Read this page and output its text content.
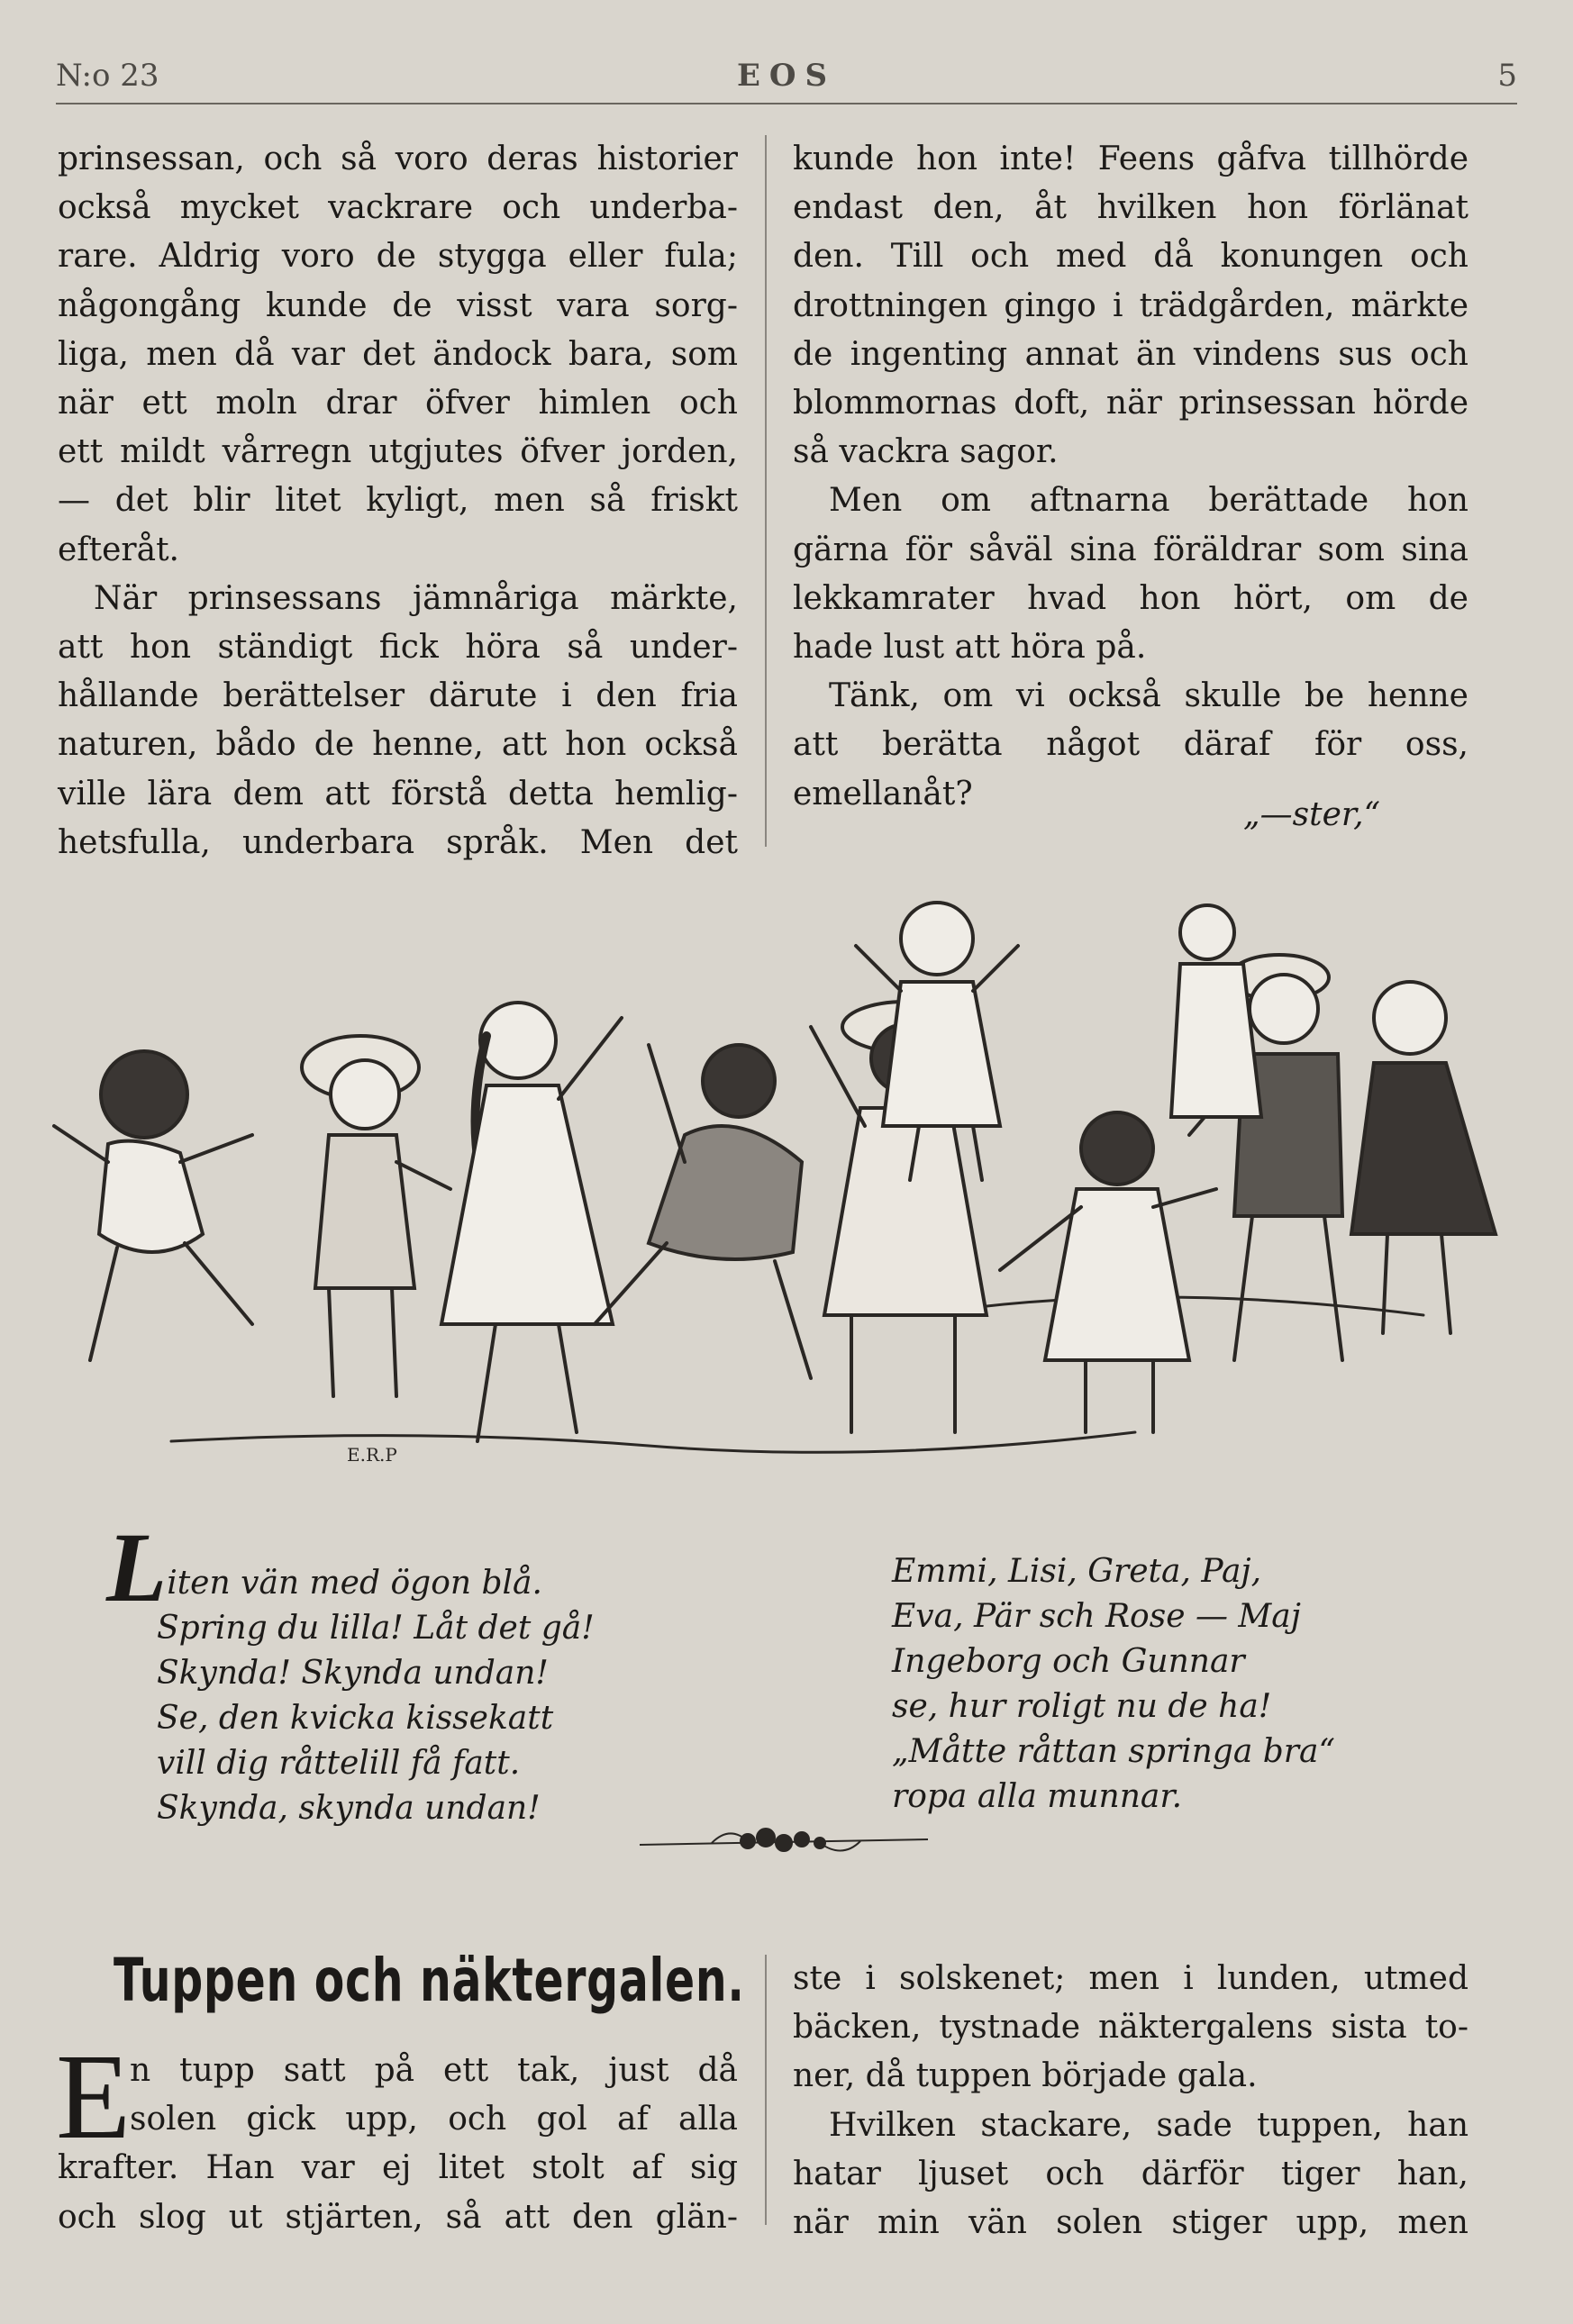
N:o 23	EOS	5

prinsessan, och så voro deras historier

också mycket vackrare och underba-

rare. Aldrig voro de stygga eller fula;

någongång kunde de visst vara sorg-

liga, men då var det ändock bara, som

när ett moln drar öfver himlen och

ett mildt vårregn utgjutes öfver jorden,

— det blir litet kyligt, men så friskt

efteråt.

När prinsessans jämnåriga märkte,

att hon ständigt fick höra så under-

hållande berättelser därute i den fria

naturen, bådo de henne, att hon också

ville lära dem att förstå detta hemlig-

hetsfulla, underbara språk. Men det

kunde hon inte! Feens gåfva tillhörde

endast den, åt hvilken hon förlänat

den. Till och med då konungen och

drottningen gingo i trädgården, märkte

de ingenting annat än vindens sus och

blommornas doft, när prinsessan hörde

så vackra sagor.

Men om aftnarna berättade hon

gärna för såväl sina föräldrar som sina

lekkamrater hvad hon hört, om de

hade lust att höra på.

Tänk, om vi också skulle be henne

att berätta något däraf för oss,

emellanåt?

„—ster,“
E.R.P
Liten vän med ögon blå.
Spring du lilla! Låt det gå!
Skynda! Skynda undan!
Se, den kvicka kissekatt
vill dig råttelill få fatt.
Skynda, skynda undan!
Emmi, Lisi, Greta, Paj,
Eva, Pär sch Rose — Maj
Ingeborg och Gunnar
se, hur roligt nu de ha!
„Måtte råttan springa bra“
ropa alla munnar.
Tuppen och näktergalen.
E

n tupp satt på ett tak, just då

solen gick upp, och gol af alla

krafter. Han var ej litet stolt af sig

och slog ut stjärten, så att den glän-

ste i solskenet; men i lunden, utmed

bäcken, tystnade näktergalens sista to-

ner, då tuppen började gala.

Hvilken stackare, sade tuppen, han

hatar ljuset och därför tiger han,

när min vän solen stiger upp, men
